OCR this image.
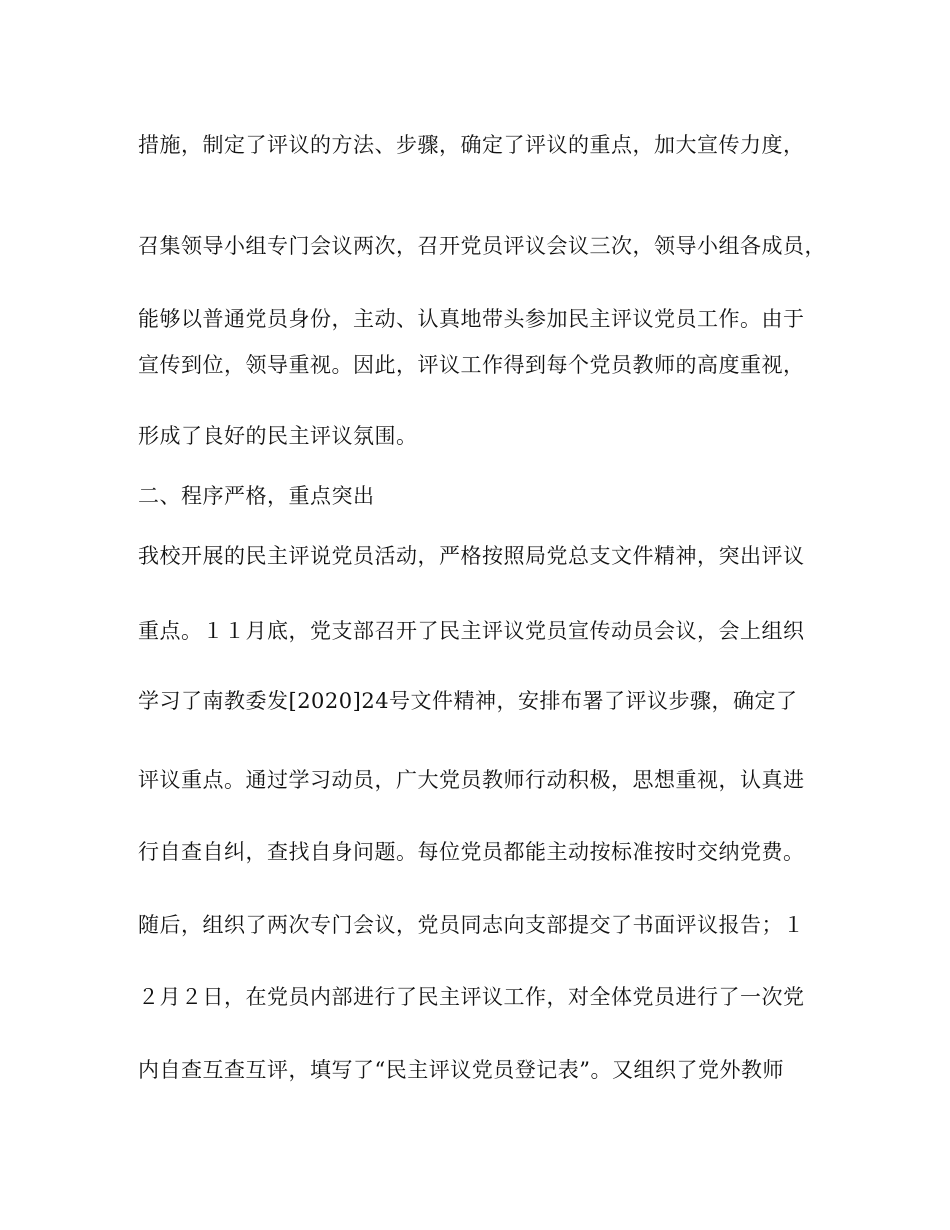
措施，制定了评议的方法、步骤，确定了评议的重点，加大宣传力度，
召集领导小组专门会议两次，召开党员评议会议三次，领导小组各成员，
能够以普通党员身份，主动、认真地带头参加民主评议党员工作。由于
宣传到位，领导重视。因此，评议工作得到每个党员教师的高度重视，
形成了良好的民主评议氛围。
二、程序严格，重点突出
我校开展的民主评说党员活动，严格按照局党总支文件精神，突出评议
重点。１１月底，党支部召开了民主评议党员宣传动员会议，会上组织
学习了南教委发[2020]24号文件精神，安排布署了评议步骤，确定了
评议重点。通过学习动员，广大党员教师行动积极，思想重视，认真进
行自查自纠，查找自身问题。每位党员都能主动按标准按时交纳党费。
随后，组织了两次专门会议，党员同志向支部提交了书面评议报告；１
２月２日，在党员内部进行了民主评议工作，对全体党员进行了一次党
内自查互查互评，填写了“民主评议党员登记表”。又组织了党外教师
